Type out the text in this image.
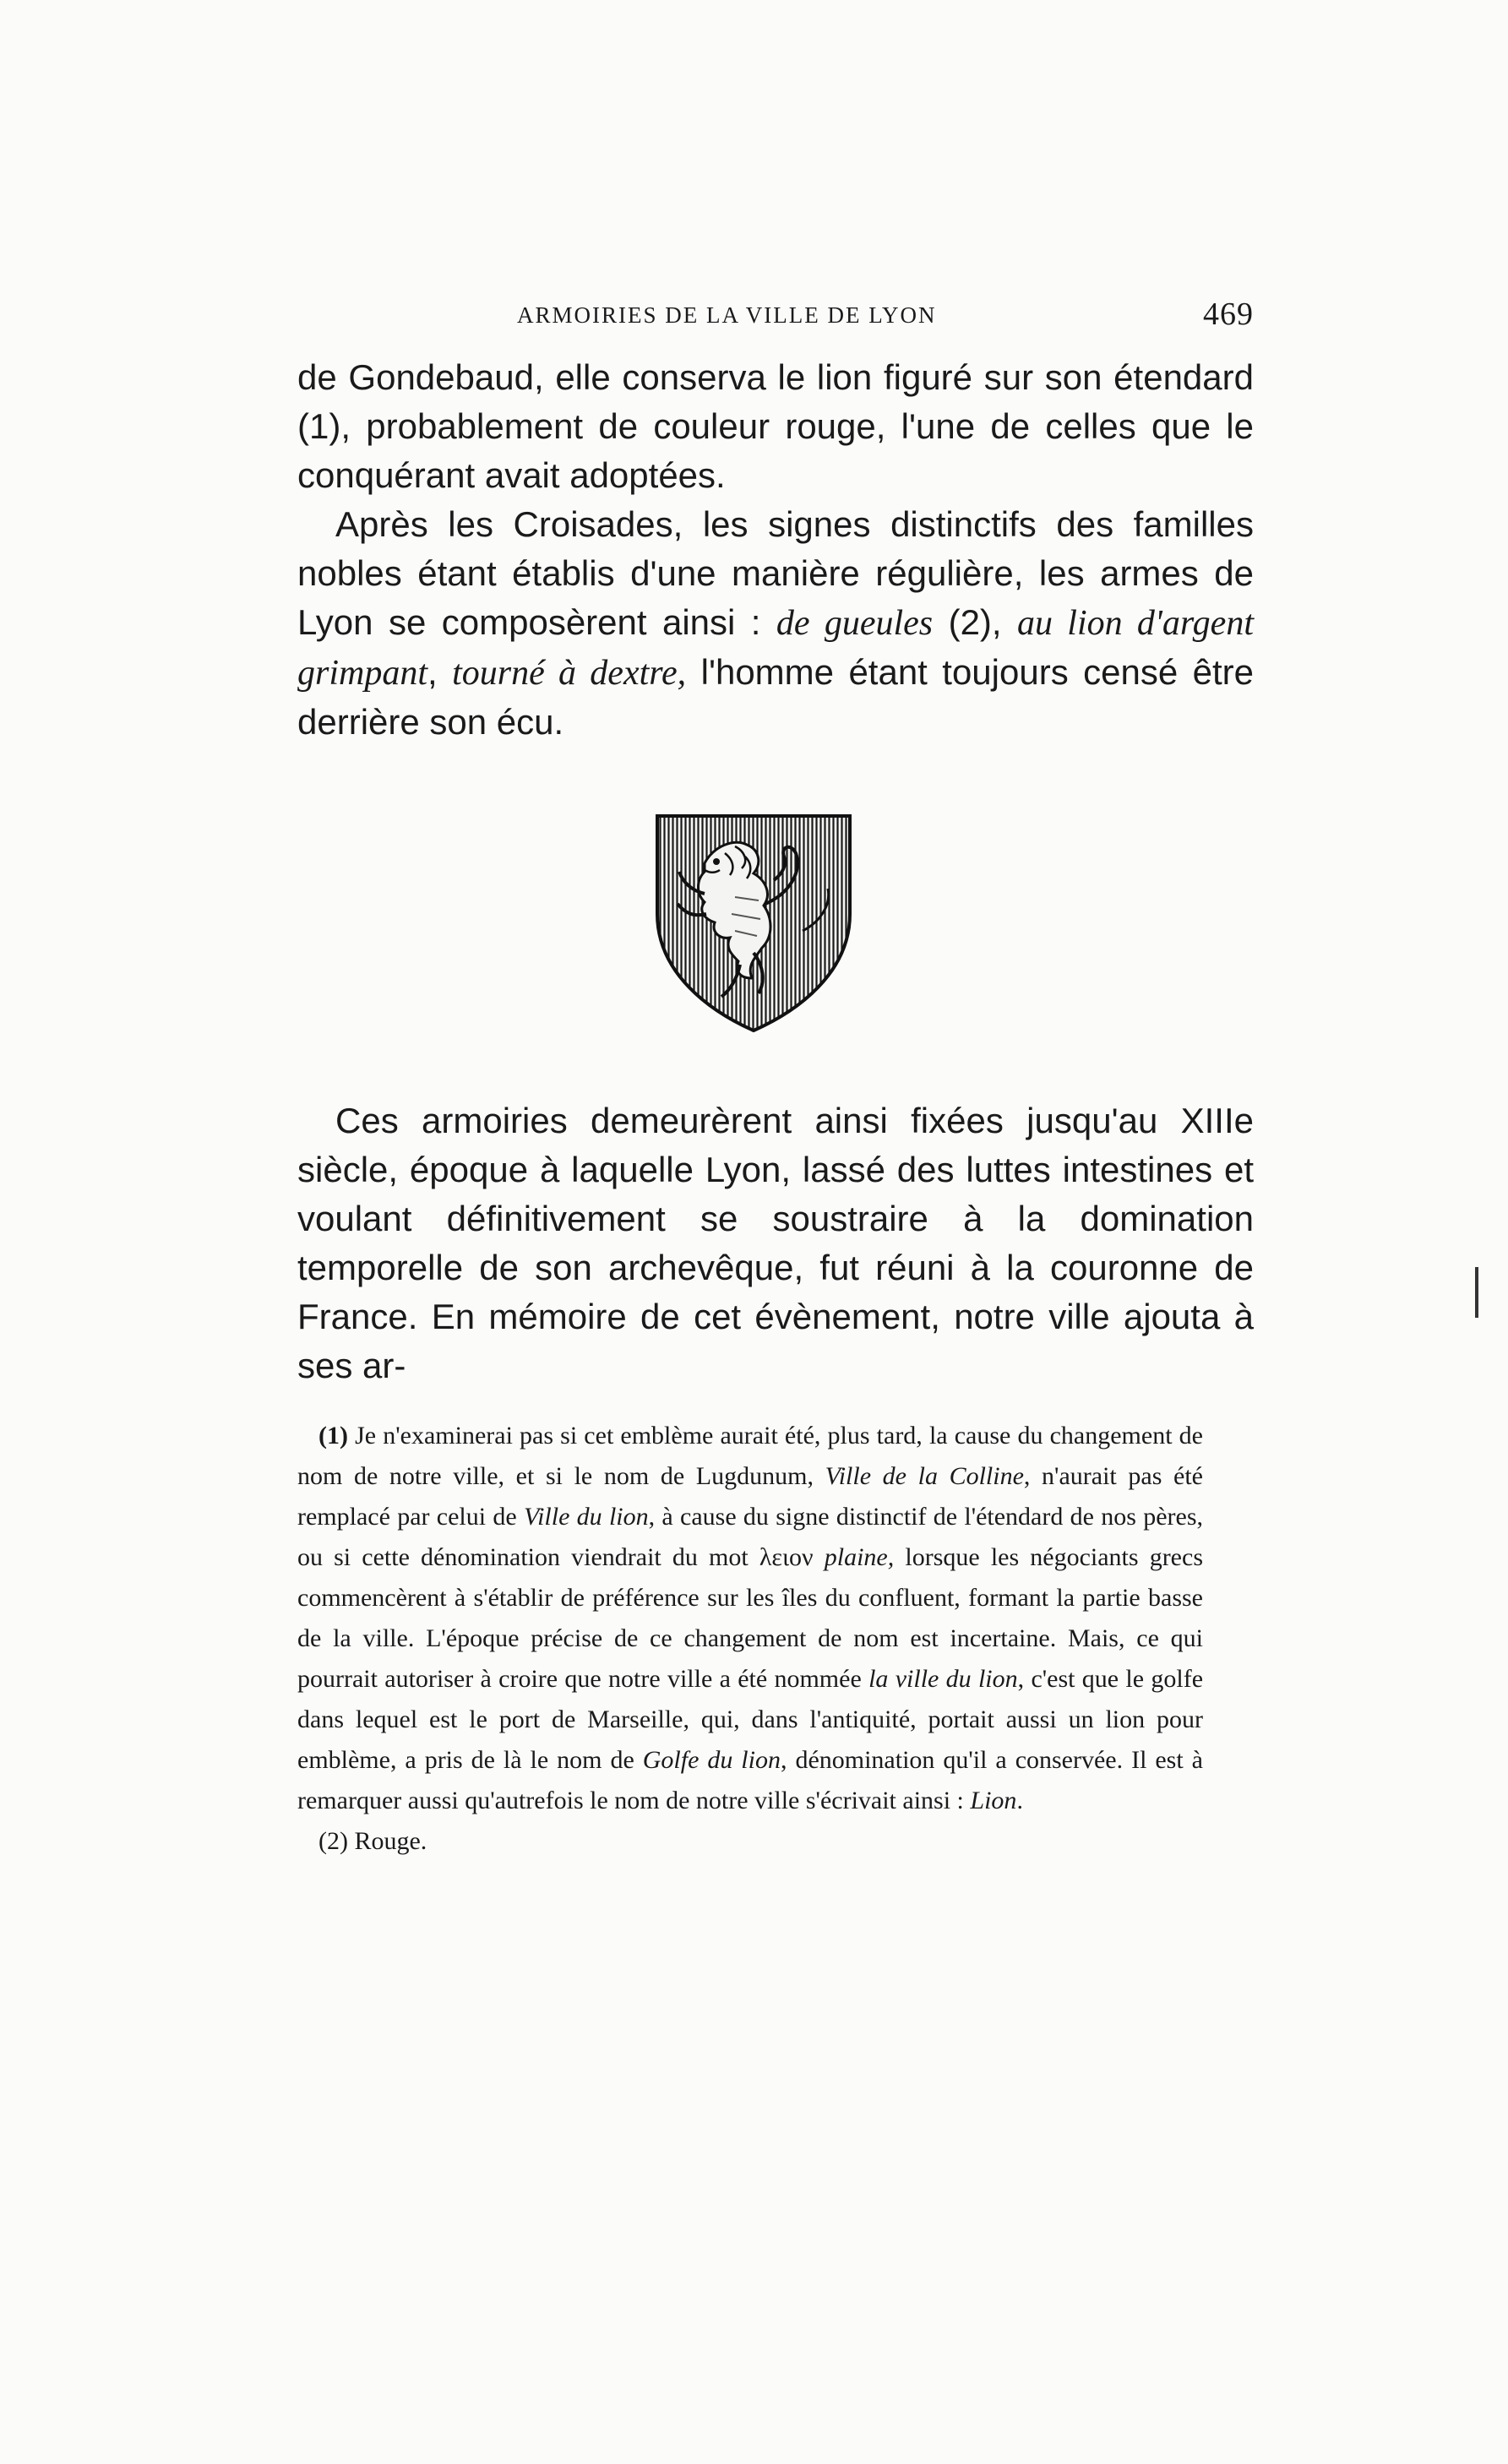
ARMOIRIES DE LA VILLE DE LYON	469

de Gondebaud, elle conserva le lion figuré sur son étendard (1), probablement de couleur rouge, l'une de celles que le conquérant avait adoptées.

Après les Croisades, les signes distinctifs des familles nobles étant établis d'une manière régulière, les armes de Lyon se composèrent ainsi : de gueules (2), au lion d'argent grimpant, tourné à dextre, l'homme étant toujours censé être derrière son écu.

Ces armoiries demeurèrent ainsi fixées jusqu'au XIIIe siècle, époque à laquelle Lyon, lassé des luttes intestines et voulant définitivement se soustraire à la domination temporelle de son archevêque, fut réuni à la couronne de France. En mémoire de cet évènement, notre ville ajouta à ses ar-

(1) Je n'examinerai pas si cet emblème aurait été, plus tard, la cause du changement de nom de notre ville, et si le nom de Lugdunum, Ville de la Colline, n'aurait pas été remplacé par celui de Ville du lion, à cause du signe distinctif de l'étendard de nos pères, ou si cette dénomination viendrait du mot λειον plaine, lorsque les négociants grecs commencèrent à s'établir de préférence sur les îles du confluent, formant la partie basse de la ville. L'époque précise de ce changement de nom est incertaine. Mais, ce qui pourrait autoriser à croire que notre ville a été nommée la ville du lion, c'est que le golfe dans lequel est le port de Marseille, qui, dans l'antiquité, portait aussi un lion pour emblème, a pris de là le nom de Golfe du lion, dénomination qu'il a conservée. Il est à remarquer aussi qu'autrefois le nom de notre ville s'écrivait ainsi : Lion.

(2) Rouge.
